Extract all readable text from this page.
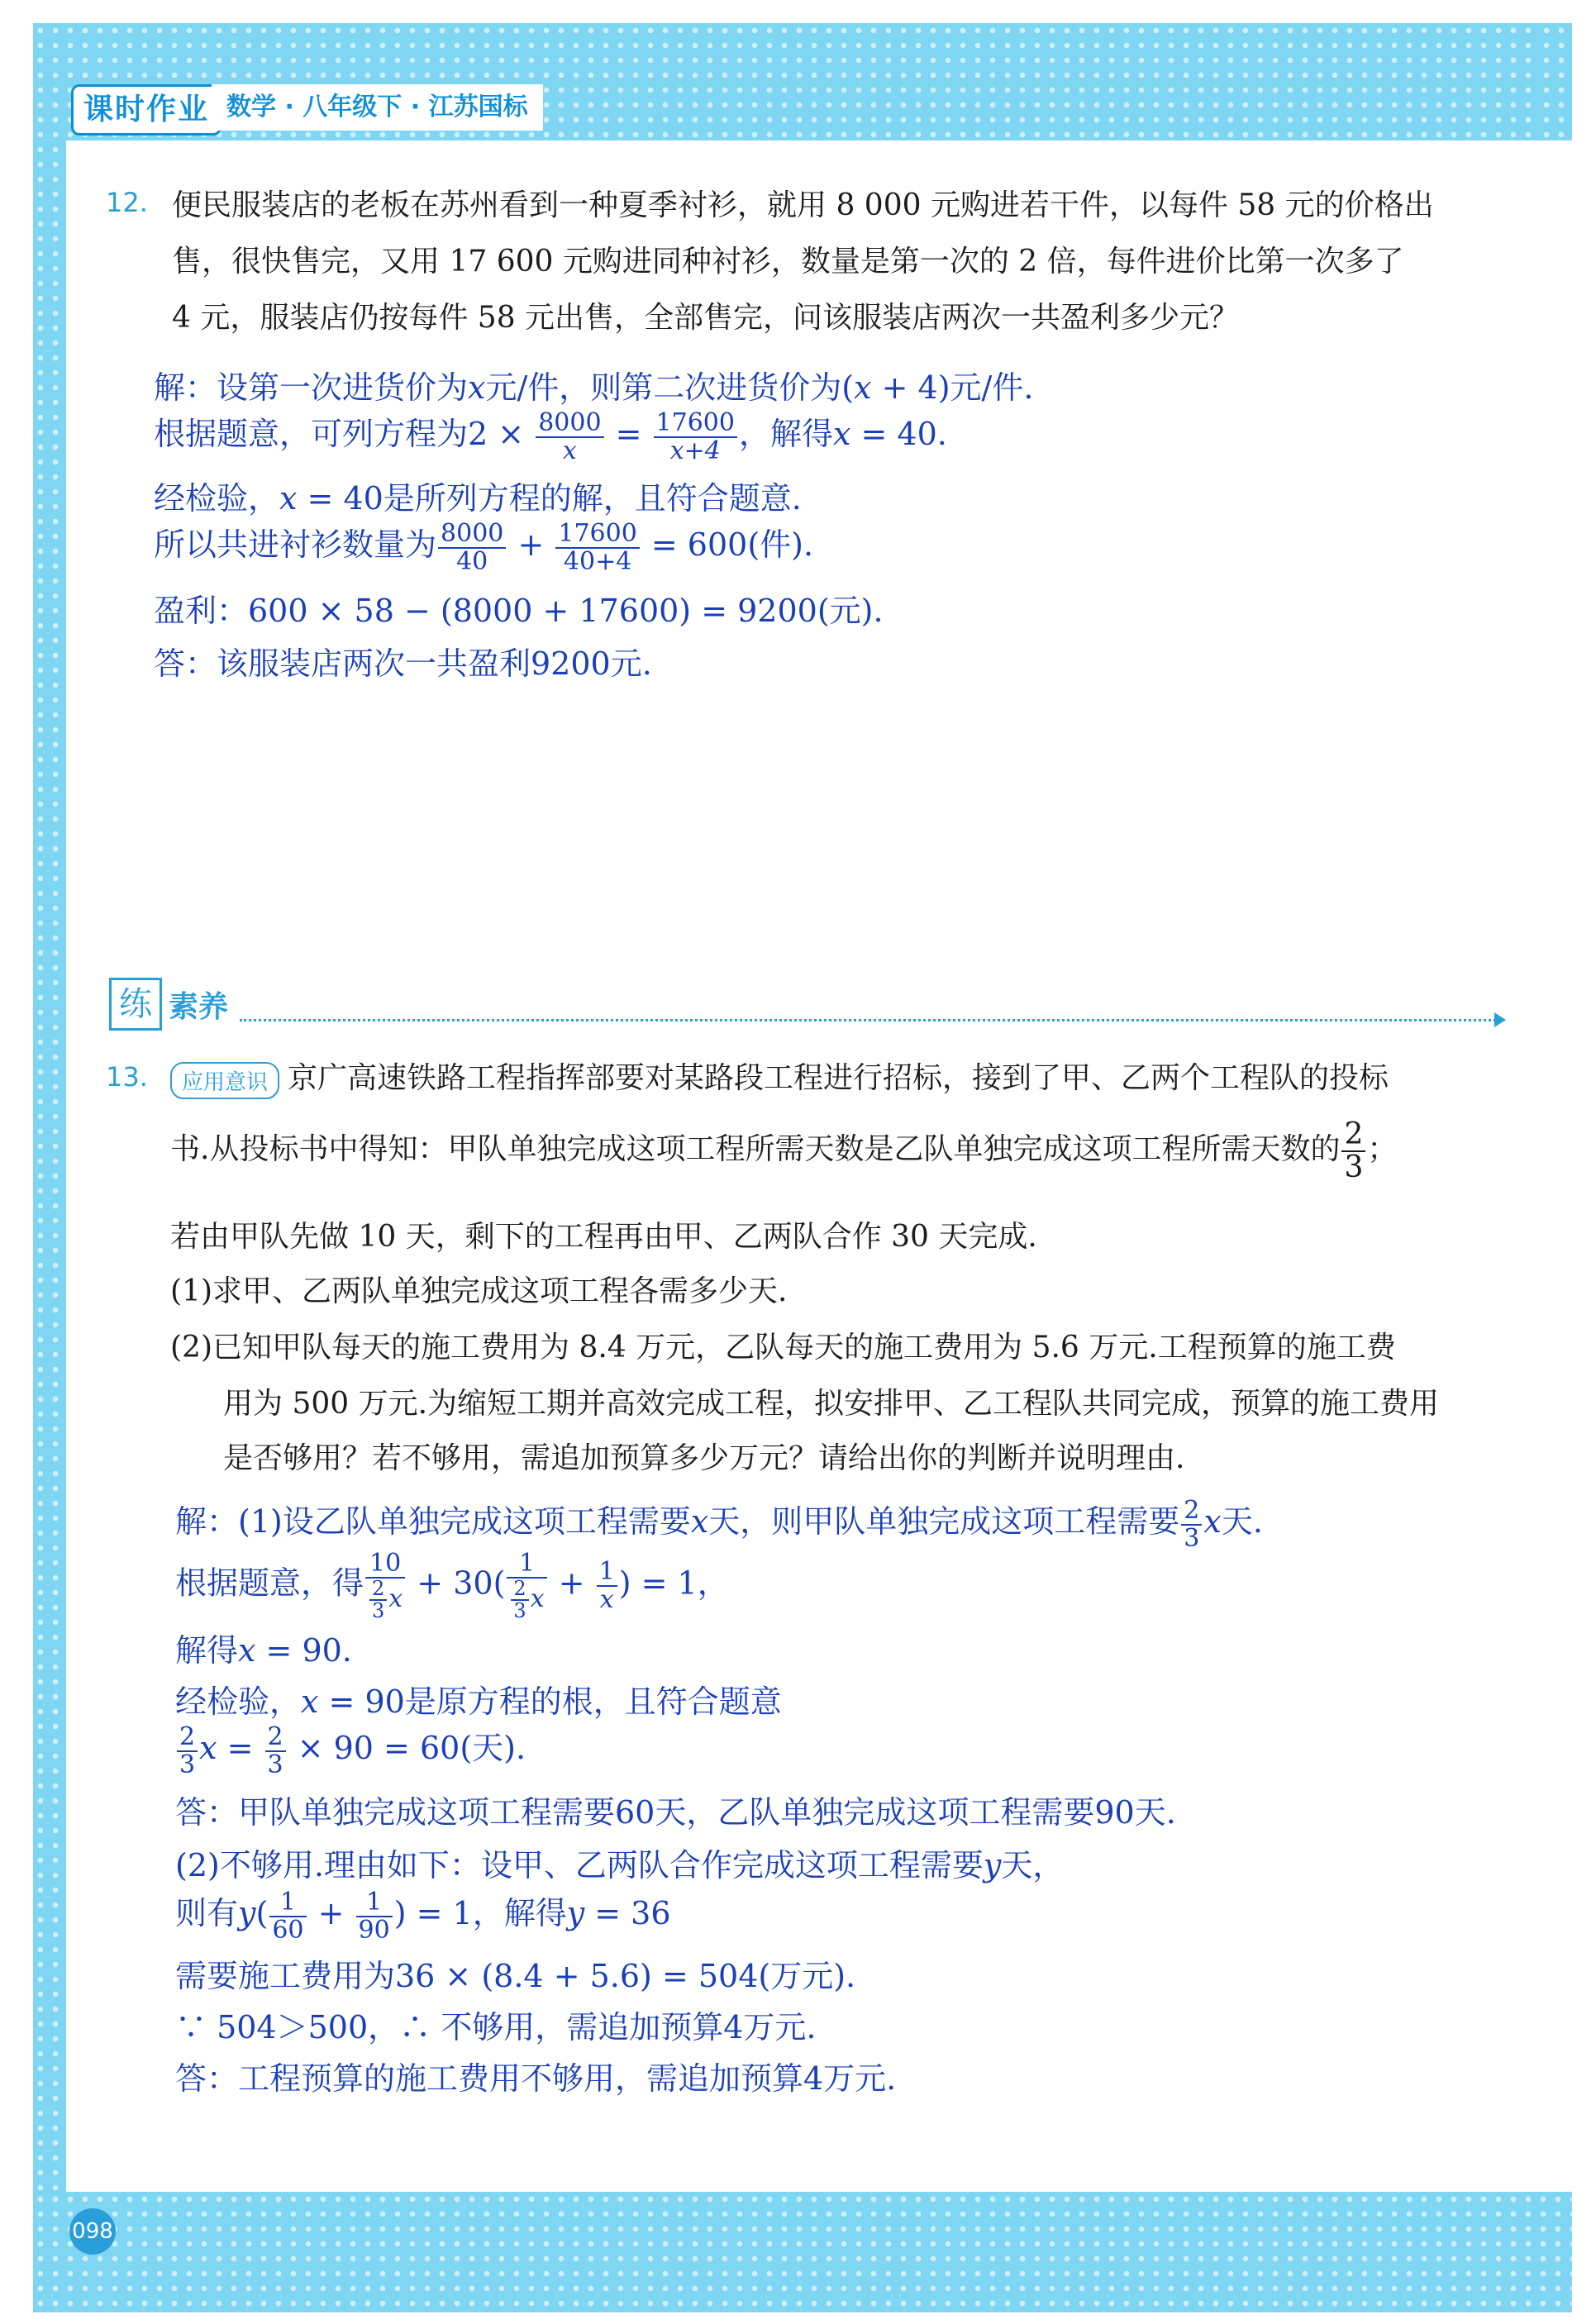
课时作业 数学 · 八年级下 · 江苏国标
12. 便民服装店的老板在苏州看到一种夏季衬衫，就用 8 000 元购进若干件，以每件 58 元的价格出
售，很快售完，又用 17 600 元购进同种衬衫，数量是第一次的 2 倍，每件进价比第一次多了
4 元，服装店仍按每件 58 元出售，全部售完，问该服装店两次一共盈利多少元？
解：设第一次进货价为x元/件，则第二次进货价为(x + 4)元/件.
根据题意，可列方程为$2 \times \frac{8000}{x} = \frac{17600}{x+4}$ ，解得x = 40.
经检验，x = 40是所列方程的解，且符合题意.
所以共进衬衫数量为 $\frac{8000}{40} + \frac{17600}{40+4} = 600$(件).
盈利：600 × 58 − (8000 + 17600) = 9200(元).
答：该服装店两次一共盈利9200元.
练 素养
13.	应用意识 京广高速铁路工程指挥部要对某路段工程进行招标，接到了甲、乙两个工程队的投标
书.从投标书中得知：甲队单独完成这项工程所需天数是乙队单独完成这项工程所需天数的 $\frac{2}{3}$ ；
若由甲队先做 10 天，剩下的工程再由甲、乙两队合作 30 天完成.
(1)求甲、乙两队单独完成这项工程各需多少天.
(2)已知甲队每天的施工费用为 8.4 万元，乙队每天的施工费用为 5.6 万元.工程预算的施工费
用为 500 万元.为缩短工期并高效完成工程，拟安排甲、乙工程队共同完成，预算的施工费用
是否够用？若不够用，需追加预算多少万元？请给出你的判断并说明理由.
解：(1)设乙队单独完成这项工程需要x天，则甲队单独完成这项工程需要 $\frac{2}{3}$ x天.
根据题意，得 $\frac{10}{\frac{2}{3} x} + 30( \frac{1}{\frac{2}{3} x} + \frac{1}{x}$ ) = 1，
解得x = 90.
经检验，x = 90是原方程的根，且符合题意
$\frac{2}{3}$ $x = \frac{2}{3} \times 90 = 60$(天).
答：甲队单独完成这项工程需要60天，乙队单独完成这项工程需要90天.
(2)不够用.理由如下：设甲、乙两队合作完成这项工程需要y天，
则有$y( \frac{1}{60} + \frac{1}{90}$ ) = 1，解得y = 36
需要施工费用为36 × (8.4 + 5.6) = 504(万元).
∵ 504＞500，∴ 不够用，需追加预算4万元.
答：工程预算的施工费用不够用，需追加预算4万元.
098
